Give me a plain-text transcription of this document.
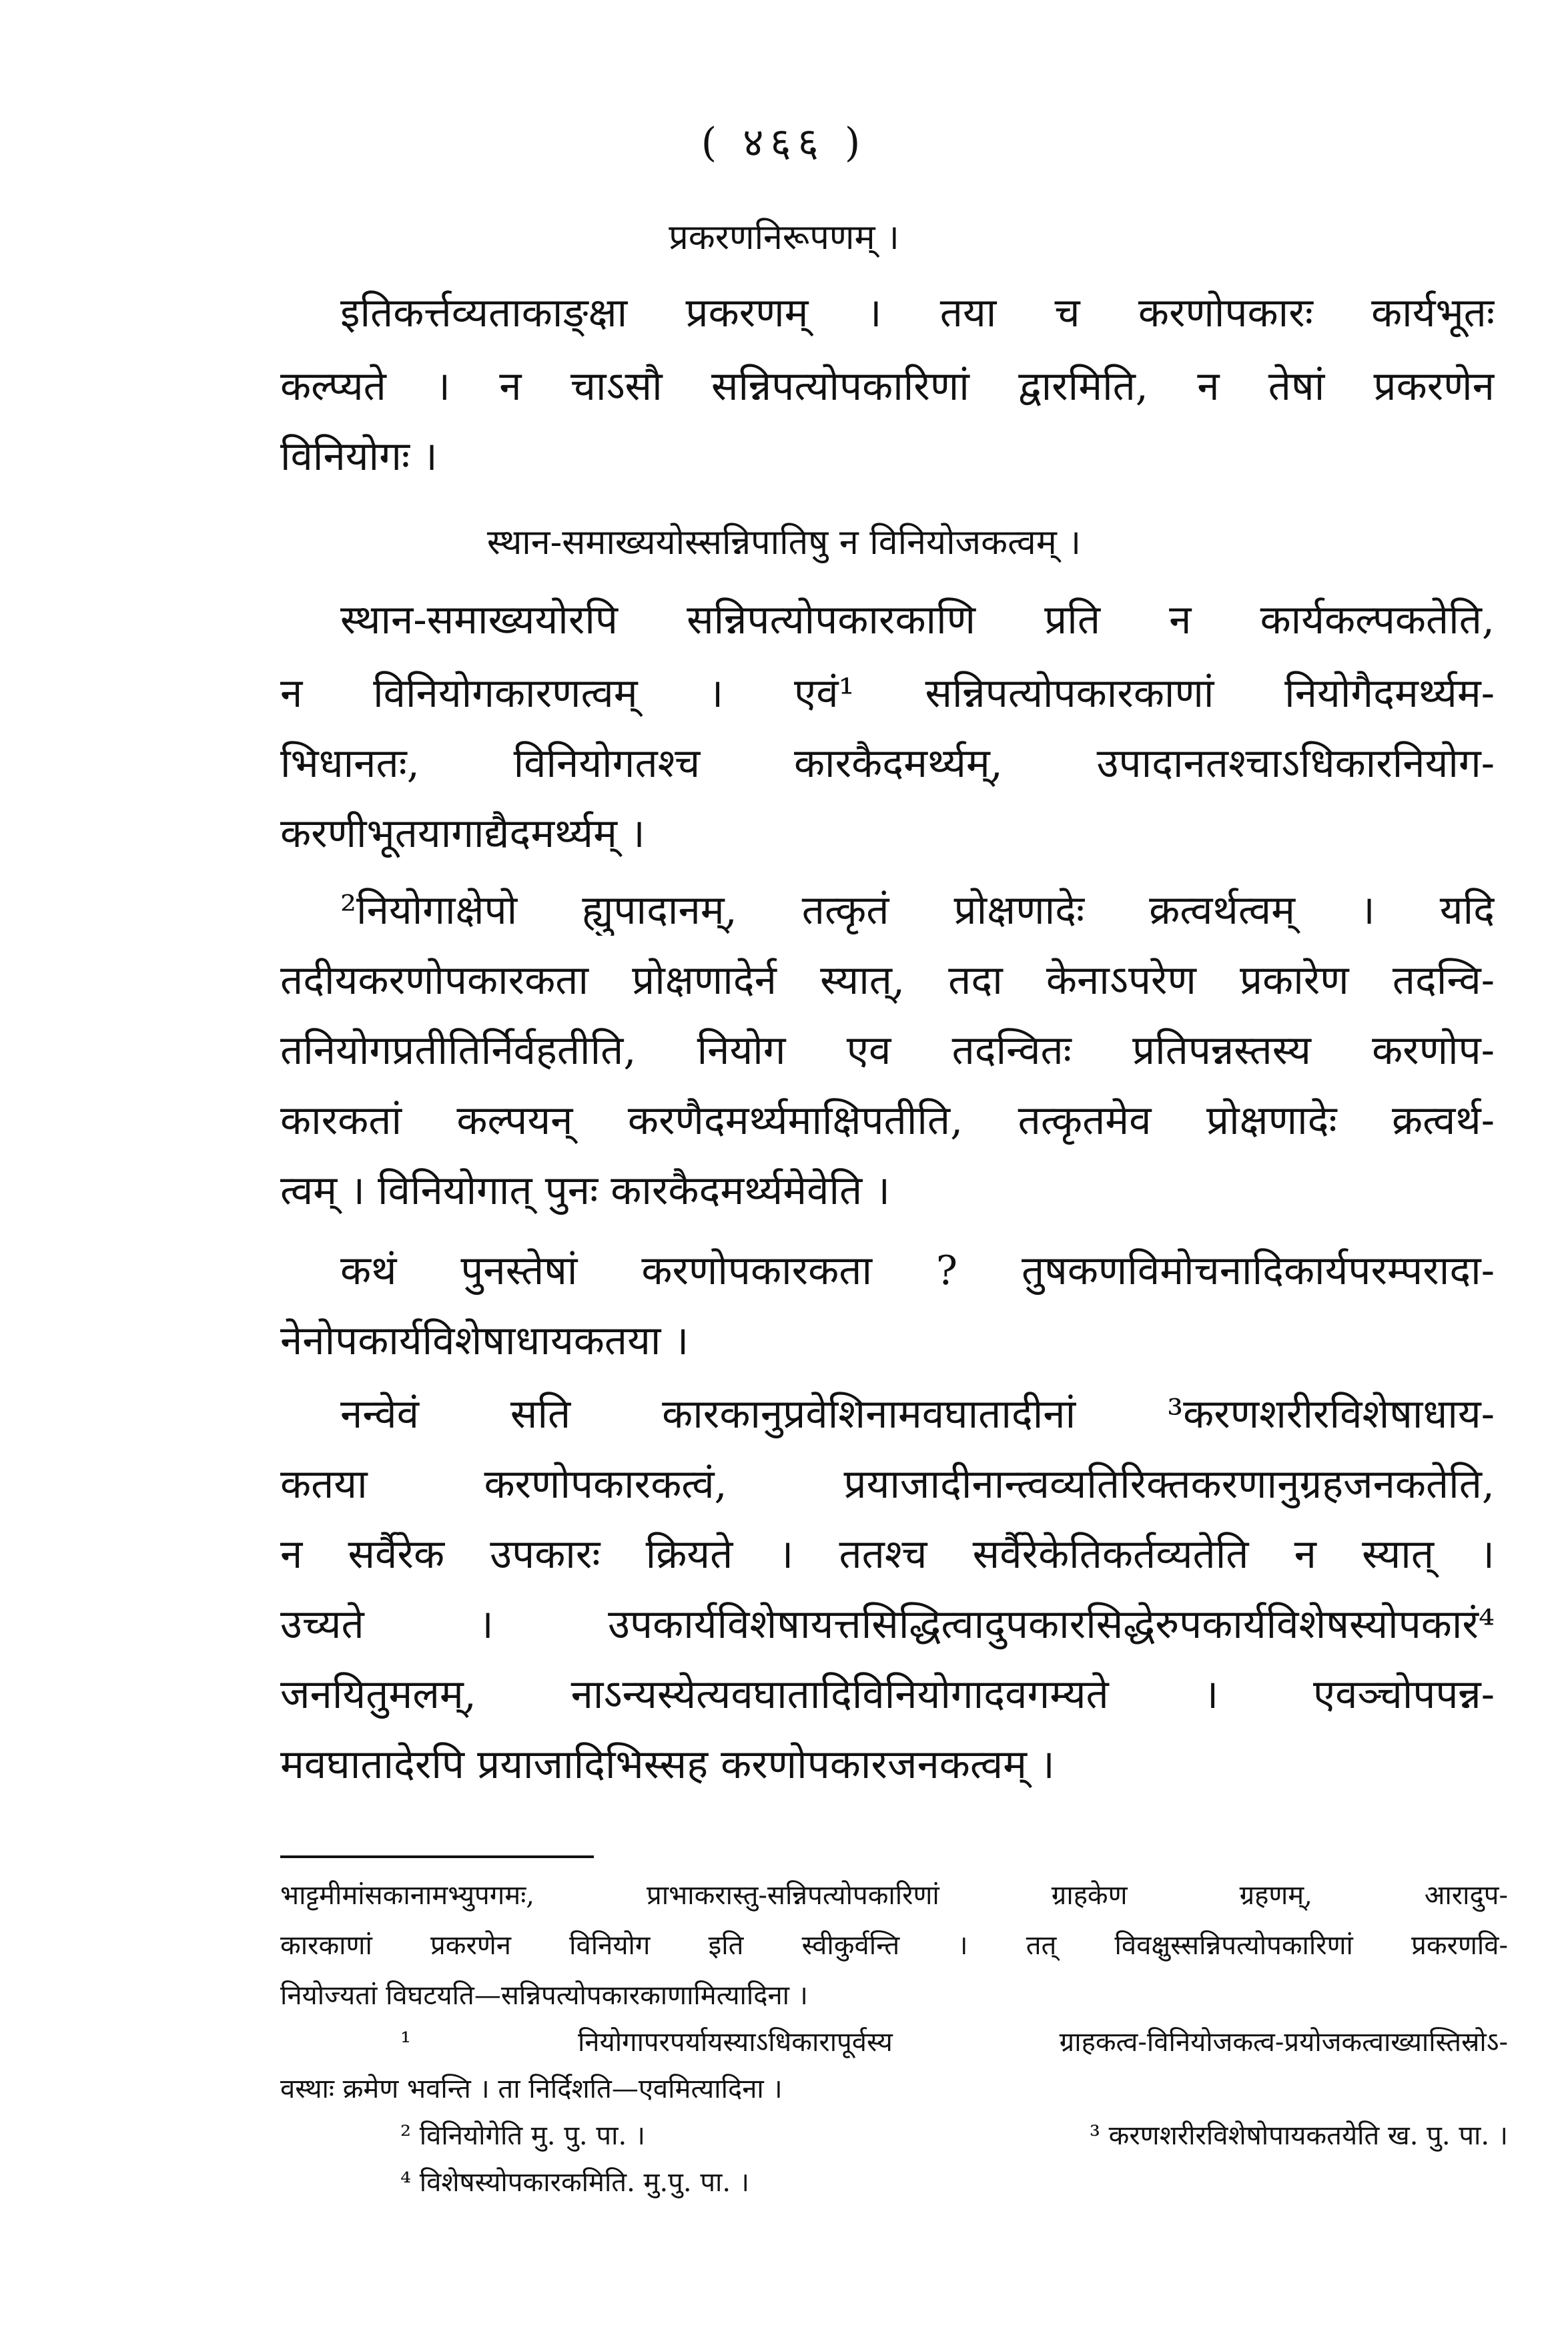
( ४६६ )
प्रकरणनिरूपणम् ।
इतिकर्त्तव्यताकाङ्क्षा प्रकरणम् । तया च करणोपकारः कार्यभूतः
कल्प्यते । न चाऽसौ सन्निपत्योपकारिणां द्वारमिति, न तेषां प्रकरणेन
विनियोगः ।
स्थान-समाख्ययोस्सन्निपातिषु न विनियोजकत्वम् ।
स्थान-समाख्ययोरपि सन्निपत्योपकारकाणि प्रति न कार्यकल्पकतेति,
न विनियोगकारणत्वम् । एवं¹ सन्निपत्योपकारकाणां नियोगैदमर्थ्यम-
भिधानतः, विनियोगतश्च कारकैदमर्थ्यम्, उपादानतश्चाऽधिकारनियोग-
करणीभूतयागाद्यैदमर्थ्यम् ।
²नियोगाक्षेपो ह्युपादानम्, तत्कृतं प्रोक्षणादेः क्रत्वर्थत्वम् । यदि
तदीयकरणोपकारकता प्रोक्षणादेर्न स्यात्, तदा केनाऽपरेण प्रकारेण तदन्वि-
तनियोगप्रतीतिर्निर्वहतीति, नियोग एव तदन्वितः प्रतिपन्नस्तस्य करणोप-
कारकतां कल्पयन् करणैदमर्थ्यमाक्षिपतीति, तत्कृतमेव प्रोक्षणादेः क्रत्वर्थ-
त्वम् । विनियोगात् पुनः कारकैदमर्थ्यमेवेति ।
कथं पुनस्तेषां करणोपकारकता ? तुषकणविमोचनादिकार्यपरम्परादा-
नेनोपकार्यविशेषाधायकतया ।
नन्वेवं सति कारकानुप्रवेशिनामवघातादीनां ³करणशरीरविशेषाधाय-
कतया करणोपकारकत्वं, प्रयाजादीनान्त्वव्यतिरिक्तकरणानुग्रहजनकतेति,
न सर्वैरेक उपकारः क्रियते । ततश्च सर्वैरेकेतिकर्तव्यतेति न स्यात् ।
उच्यते । उपकार्यविशेषायत्तसिद्धित्वादुपकारसिद्धेरुपकार्यविशेषस्योपकारं⁴
जनयितुमलम्, नाऽन्यस्येत्यवघातादिविनियोगादवगम्यते । एवञ्चोपपन्न-
मवघातादेरपि प्रयाजादिभिस्सह करणोपकारजनकत्वम् ।
भाट्टमीमांसकानामभ्युपगमः, प्राभाकरास्तु-सन्निपत्योपकारिणां ग्राहकेण ग्रहणम्, आरादुप-
कारकाणां प्रकरणेन विनियोग इति स्वीकुर्वन्ति । तत् विवक्षुस्सन्निपत्योपकारिणां प्रकरणवि-
नियोज्यतां विघटयति—सन्निपत्योपकारकाणामित्यादिना ।
¹ नियोगापरपर्यायस्याऽधिकारापूर्वस्य ग्राहकत्व-विनियोजकत्व-प्रयोजकत्वाख्यास्तिस्रोऽ-
वस्थाः क्रमेण भवन्ति । ता निर्दिशति—एवमित्यादिना ।
² विनियोगेति मु. पु. पा. ।	³ करणशरीरविशेषोपायकतयेति ख. पु. पा. ।
⁴ विशेषस्योपकारकमिति. मु.पु. पा. ।
